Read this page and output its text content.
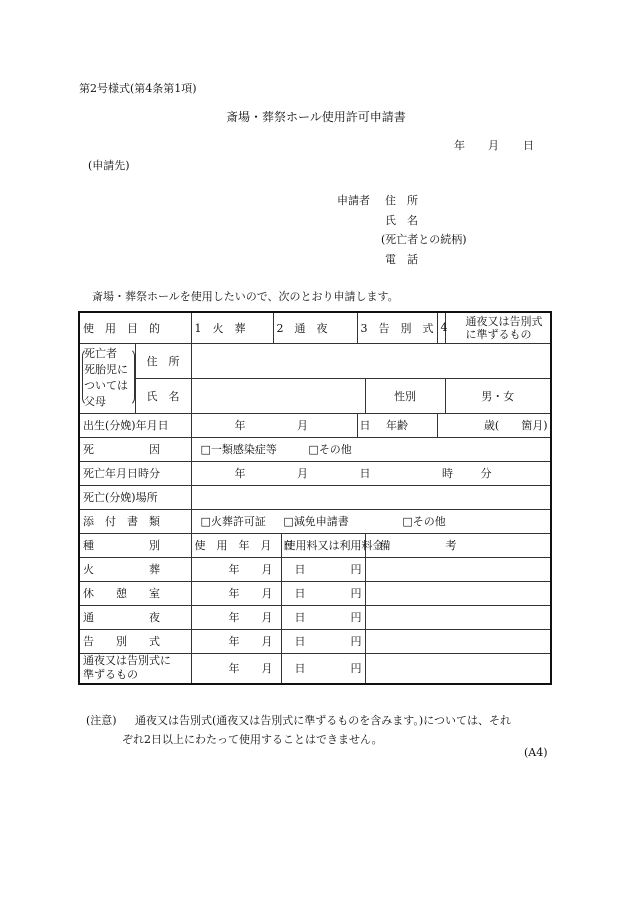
第2号様式(第4条第1項)
斎場・葬祭ホール使用許可申請書
年 月 日
(申請先)
申請者 住　所
氏　名
(死亡者との続柄)
電　話
斎場・葬祭ホールを使用したいので、次のとおり申請します。
使　用　目　的		1　火　葬	2　通　夜		3　告　別　式		4	通夜又は告別式
に準ずるもの

死亡者
死胎児に
ついては
父母	住　所							
	氏　名					性別		男・女
出生(分娩)年月日		年 月 日			年齢		歳(　　箇月)	
死　　　　　因		□ 一類感染症等 □ その他
死亡年月日時分		年 月 日 時 分						
死亡(分娩)場所								
添　付　書　類		□ 火葬許可証 □ 減免申請書 □ その他
種　　　　　別		使　用　年　月　日		使用料又は利用料金		備　　　　　考		
火　　　　　葬		年 月 日		円				
休　　憩　　室		年 月 日		円				
通　　　　　夜		年 月 日		円				
告　　別　　式		年 月 日		円				

通夜又は告別式に
準ずるもの		年 月 日		円				
(注意) 通夜又は告別式(通夜又は告別式に準ずるものを含みます。)については、それ
ぞれ2日以上にわたって使用することはできません。
(A4)
